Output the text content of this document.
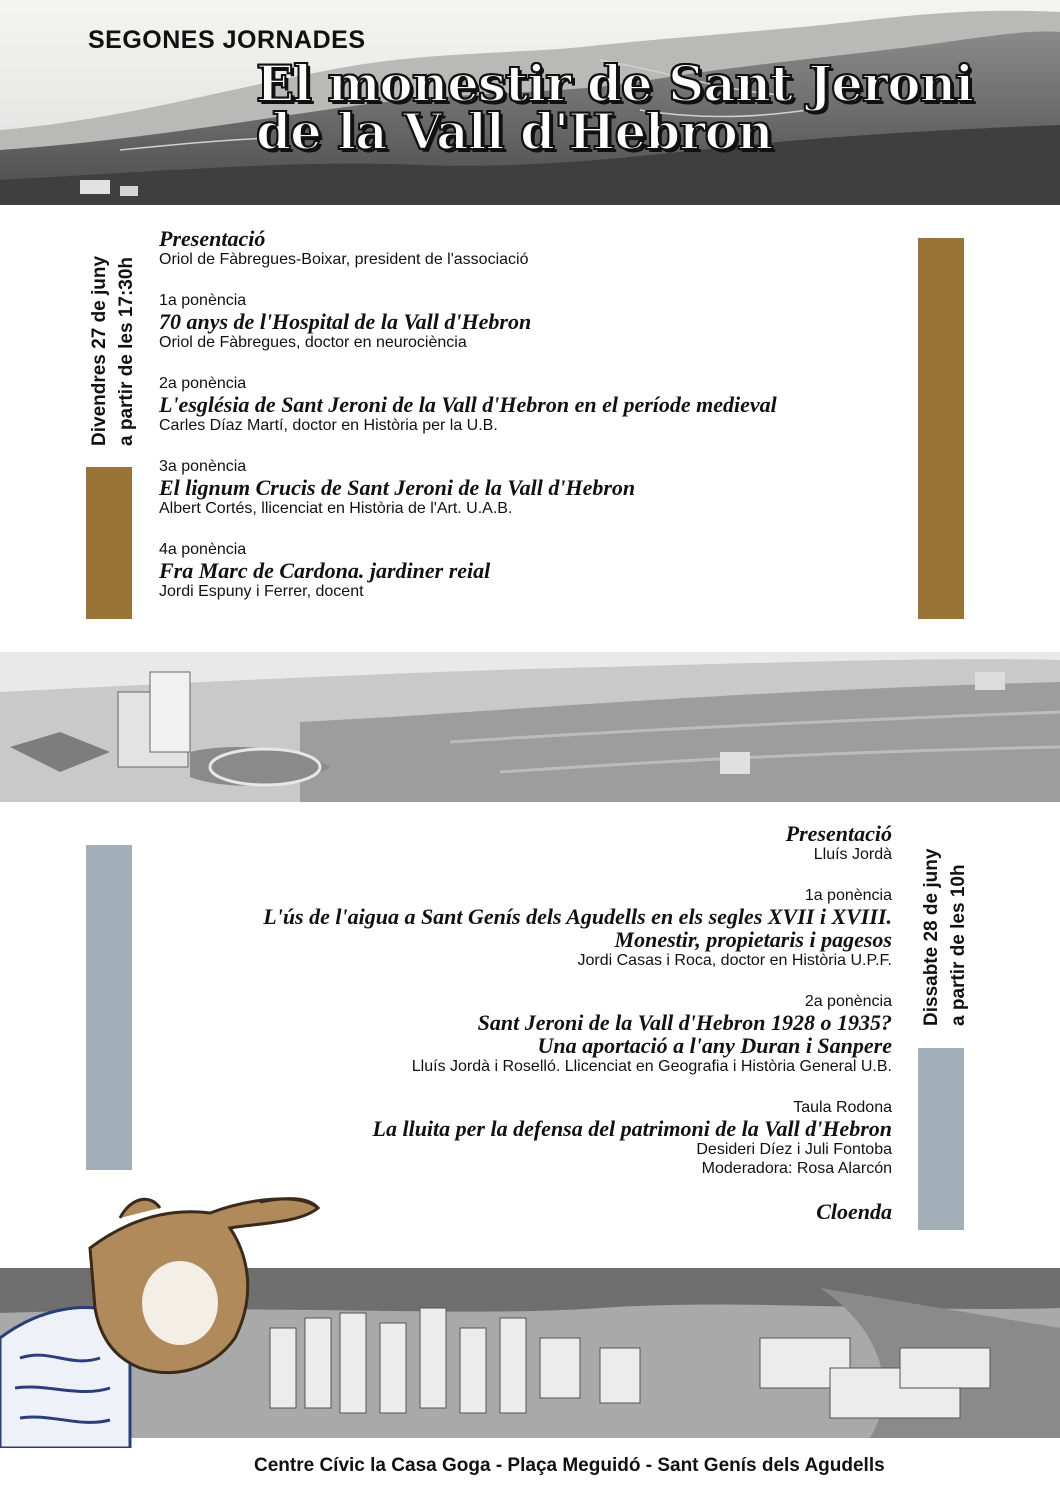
SEGONES JORNADES
El monestir de Sant Jeroni
de la Vall d'Hebron
Divendres 27 de juny a partir de les 17:30h
Presentació
Oriol de Fàbregues-Boixar, president de l'associació
1a ponència
70 anys de l'Hospital de la Vall d'Hebron
Oriol de Fàbregues, doctor en neurociència
2a ponència
L'església de Sant Jeroni de la Vall d'Hebron en el període medieval
Carles Díaz Martí, doctor en Història per la U.B.
3a ponència
El lignum Crucis de Sant Jeroni de la Vall d'Hebron
Albert Cortés, llicenciat en Història de l'Art. U.A.B.
4a ponència
Fra Marc de Cardona. jardiner reial
Jordi Espuny i Ferrer, docent
Dissabte 28 de juny a partir de les 10h
Presentació
Lluís Jordà
1a ponència
L'ús de l'aigua a Sant Genís dels Agudells en els segles XVII i XVIII.
Monestir, propietaris i pagesos
Jordi Casas i Roca, doctor en Història U.P.F.
2a ponència
Sant Jeroni de la Vall d'Hebron 1928 o 1935?
Una aportació a l'any Duran i Sanpere
Lluís Jordà i Roselló. Llicenciat en Geografia i Història General U.B.
Taula Rodona
La lluita per la defensa del patrimoni de la Vall d'Hebron
Desideri Díez i Juli Fontoba
Moderadora: Rosa Alarcón
Cloenda
Centre Cívic la Casa Goga - Plaça Meguidó - Sant Genís dels Agudells
